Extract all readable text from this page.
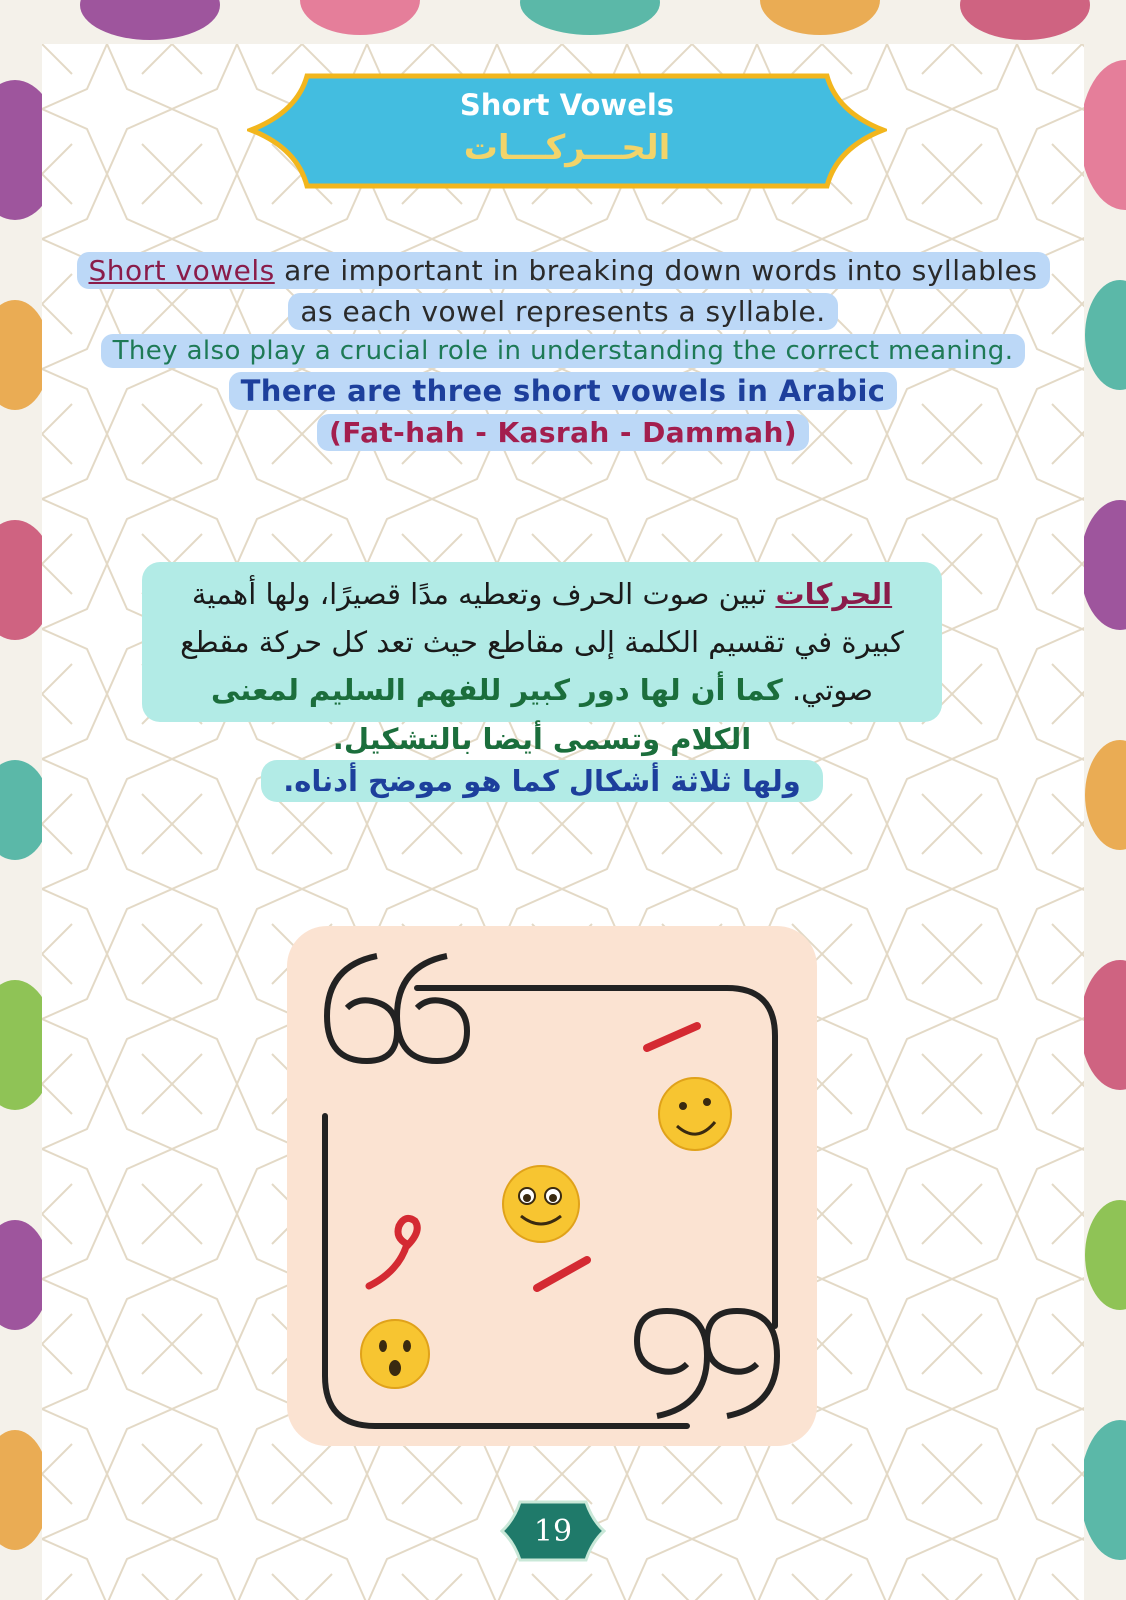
Short Vowels
الحـــركـــات
Short vowels are important in breaking down words into syllables
as each vowel represents a syllable.
They also play a crucial role in understanding the correct meaning.
There are three short vowels in Arabic
(Fat-hah - Kasrah - Dammah)
الحركات تبين صوت الحرف وتعطيه مدًا قصيرًا، ولها أهمية كبيرة في تقسيم الكلمة إلى مقاطع حيث تعد كل حركة مقطع صوتي. كما أن لها دور كبير للفهم السليم لمعنى
الكلام وتسمى أيضا بالتشكيل.
ولها ثلاثة أشكال كما هو موضح أدناه.
19
